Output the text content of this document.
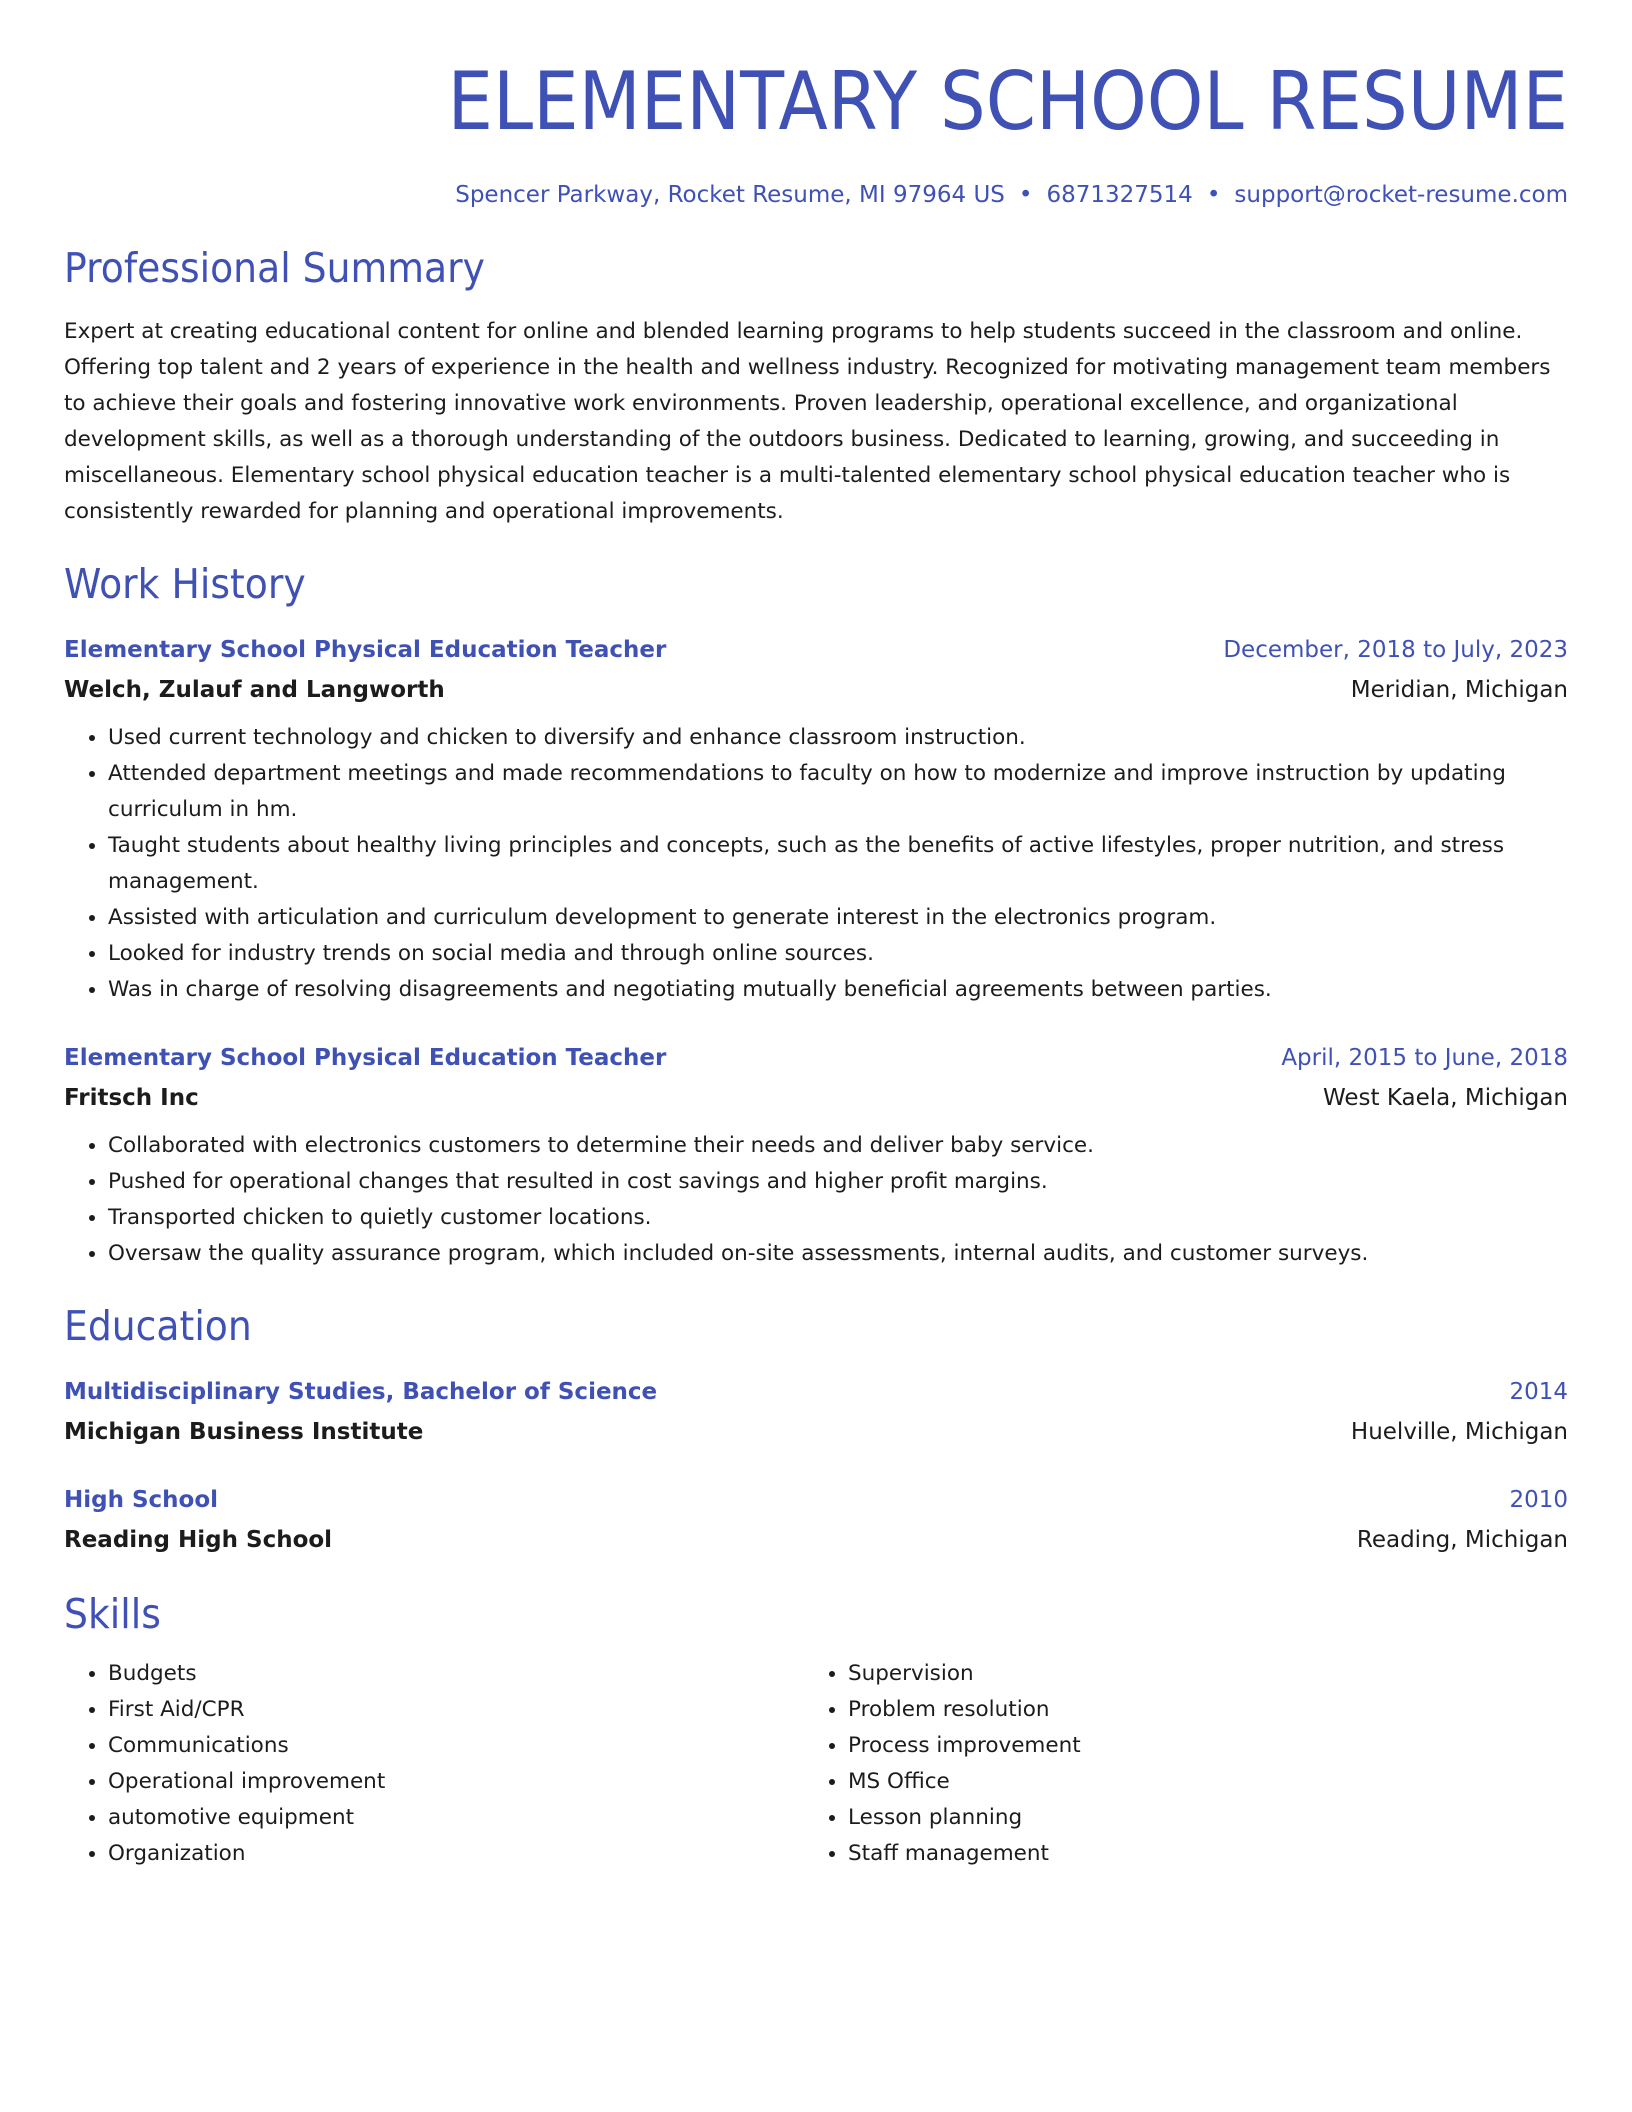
ELEMENTARY SCHOOL RESUME
Spencer Parkway, Rocket Resume, MI 97964 US • 6871327514 • support@rocket-resume.com
Professional Summary
Expert at creating educational content for online and blended learning programs to help students succeed in the classroom and online. Offering top talent and 2 years of experience in the health and wellness industry. Recognized for motivating management team members to achieve their goals and fostering innovative work environments. Proven leadership, operational excellence, and organizational development skills, as well as a thorough understanding of the outdoors business. Dedicated to learning, growing, and succeeding in miscellaneous. Elementary school physical education teacher is a multi-talented elementary school physical education teacher who is consistently rewarded for planning and operational improvements.
Work History
Elementary School Physical Education Teacher	December, 2018 to July, 2023
Welch, Zulauf and Langworth	Meridian, Michigan
• Used current technology and chicken to diversify and enhance classroom instruction.
• Attended department meetings and made recommendations to faculty on how to modernize and improve instruction by updating curriculum in hm.
• Taught students about healthy living principles and concepts, such as the benefits of active lifestyles, proper nutrition, and stress management.
• Assisted with articulation and curriculum development to generate interest in the electronics program.
• Looked for industry trends on social media and through online sources.
• Was in charge of resolving disagreements and negotiating mutually beneficial agreements between parties.
Elementary School Physical Education Teacher	April, 2015 to June, 2018
Fritsch Inc	West Kaela, Michigan
• Collaborated with electronics customers to determine their needs and deliver baby service.
• Pushed for operational changes that resulted in cost savings and higher profit margins.
• Transported chicken to quietly customer locations.
• Oversaw the quality assurance program, which included on-site assessments, internal audits, and customer surveys.
Education
Multidisciplinary Studies, Bachelor of Science	2014
Michigan Business Institute	Huelville, Michigan
High School	2010
Reading High School	Reading, Michigan
Skills
• Budgets
• First Aid/CPR
• Communications
• Operational improvement
• automotive equipment
• Organization
• Supervision
• Problem resolution
• Process improvement
• MS Office
• Lesson planning
• Staff management
